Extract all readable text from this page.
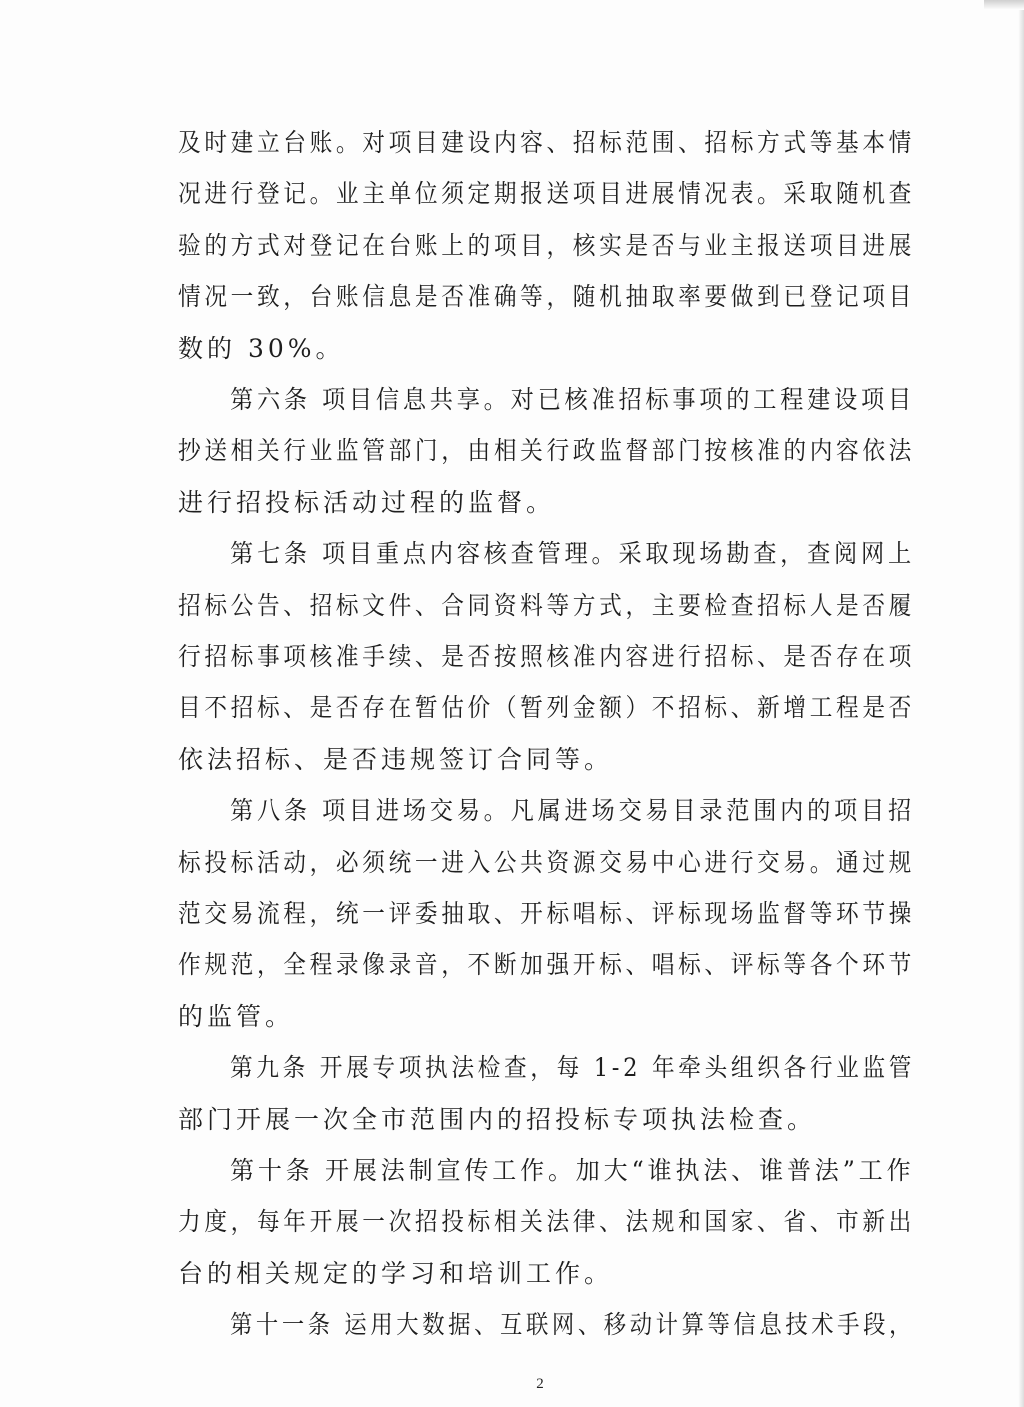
及时建立台账。对项目建设内容、招标范围、招标方式等基本情
况进行登记。业主单位须定期报送项目进展情况表。采取随机查
验的方式对登记在台账上的项目，核实是否与业主报送项目进展
情况一致，台账信息是否准确等，随机抽取率要做到已登记项目
数的 30%。
第六条 项目信息共享。对已核准招标事项的工程建设项目
抄送相关行业监管部门，由相关行政监督部门按核准的内容依法
进行招投标活动过程的监督。
第七条 项目重点内容核查管理。采取现场勘查，查阅网上
招标公告、招标文件、合同资料等方式，主要检查招标人是否履
行招标事项核准手续、是否按照核准内容进行招标、是否存在项
目不招标、是否存在暂估价（暂列金额）不招标、新增工程是否
依法招标、是否违规签订合同等。
第八条 项目进场交易。凡属进场交易目录范围内的项目招
标投标活动，必须统一进入公共资源交易中心进行交易。通过规
范交易流程，统一评委抽取、开标唱标、评标现场监督等环节操
作规范，全程录像录音，不断加强开标、唱标、评标等各个环节
的监管。
第九条 开展专项执法检查，每 1-2 年牵头组织各行业监管
部门开展一次全市范围内的招投标专项执法检查。
第十条 开展法制宣传工作。加大“谁执法、谁普法”工作
力度，每年开展一次招投标相关法律、法规和国家、省、市新出
台的相关规定的学习和培训工作。
第十一条 运用大数据、互联网、移动计算等信息技术手段，
2
